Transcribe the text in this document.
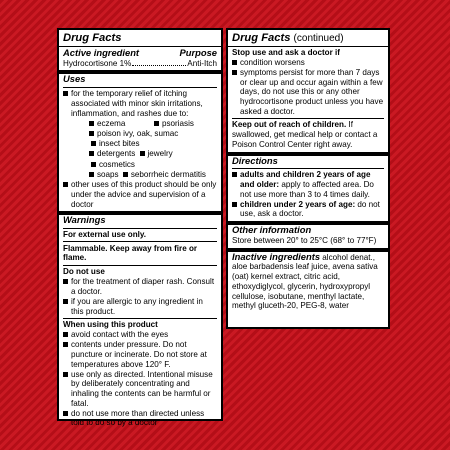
Drug Facts
Active ingredient	Purpose
Hydrocortisone 1%	Anti-Itch
Uses
for the temporary relief of itching associated with minor skin irritations, inflammation, and rashes due to:
eczema	psoriasis
poison ivy, oak, sumac

insect bites
detergents
jewelry

cosmetics
soaps
seborrheic dermatitis
other uses of this product should be only under the advice and supervision of a doctor
Warnings

For external use only.

Flammable. Keep away from fire or flame.

Do not use

for the treatment of diaper rash. Consult a doctor.
if you are allergic to any ingredient in this product.

When using this product

avoid contact with the eyes
contents under pressure. Do not puncture or incinerate. Do not store at temperatures above 120° F.
use only as directed. Intentional misuse by deliberately concentrating and inhaling the contents can be harmful or fatal.
do not use more than directed unless told to do so by a doctor
Drug Facts (continued)

Stop use and ask a doctor if

condition worsens
symptoms persist for more than 7 days or clear up and occur again within a few days, do not use this or any other hydrocortisone product unless you have asked a doctor.

Keep out of reach of children. If swallowed, get medical help or contact a Poison Control Center right away.

Directions
adults and children 2 years of age and older: apply to affected area. Do not use more than 3 to 4 times daily.
children under 2 years of age: do not use, ask a doctor.
Other information

Store between 20° to 25°C (68° to 77°F)

Inactive ingredients alcohol denat., aloe barbadensis leaf juice, avena sativa (oat) kernel extract, citric acid, ethoxydiglycol, glycerin, hydroxypropyl cellulose, isobutane, menthyl lactate, methyl gluceth-20, PEG-8, water
